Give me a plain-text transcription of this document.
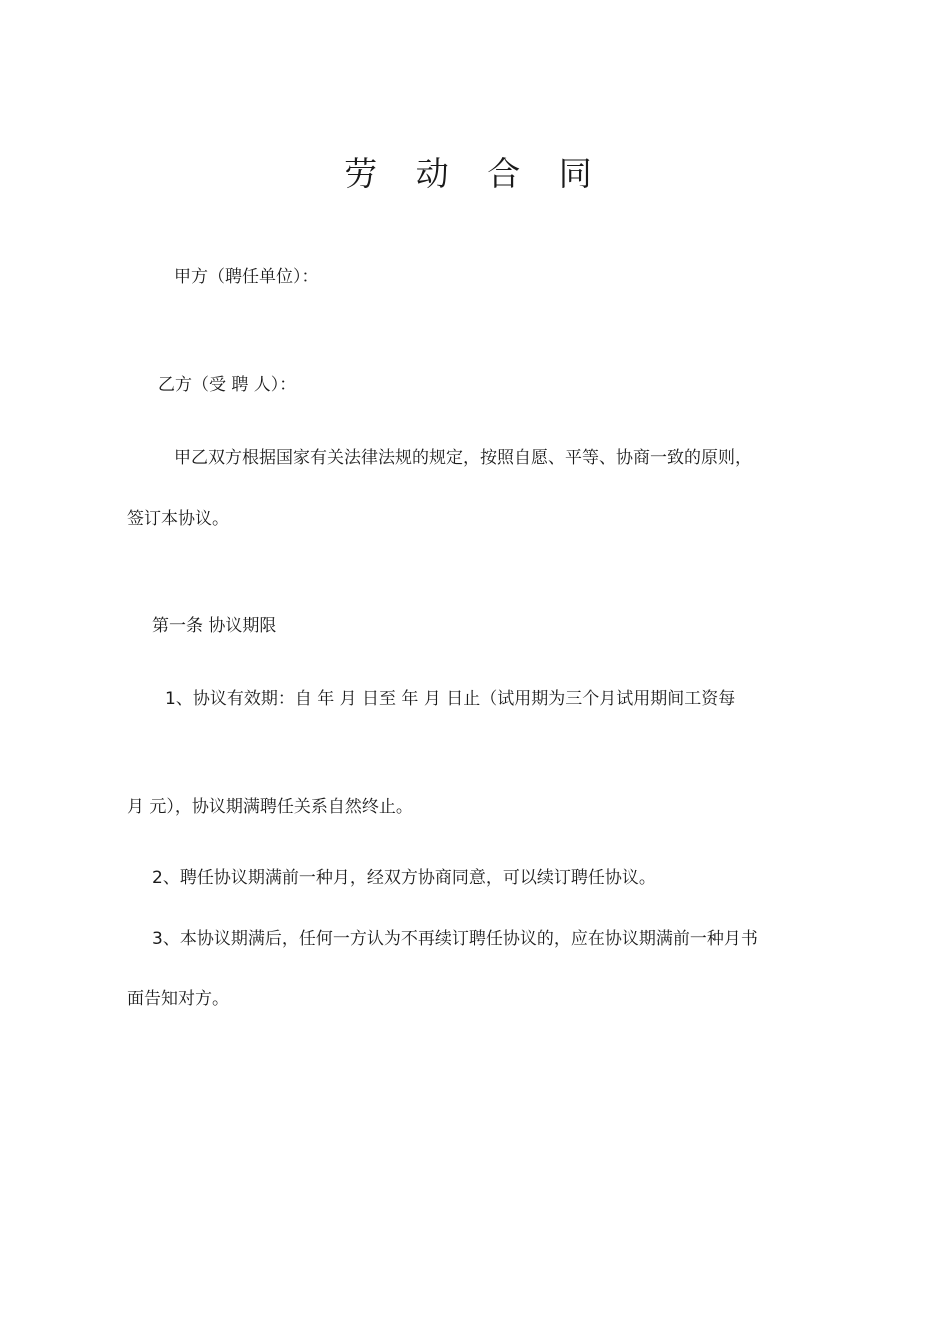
劳 动 合 同
甲方（聘任单位）：
乙方（受 聘 人）：
甲乙双方根据国家有关法律法规的规定，按照自愿、平等、协商一致的原则，
签订本协议。
第一条 协议期限
1、协议有效期：自 年 月 日至 年 月 日止（试用期为三个月试用期间工资每
月 元），协议期满聘任关系自然终止。
2、聘任协议期满前一种月，经双方协商同意，可以续订聘任协议。
3、本协议期满后，任何一方认为不再续订聘任协议的，应在协议期满前一种月书
面告知对方。
